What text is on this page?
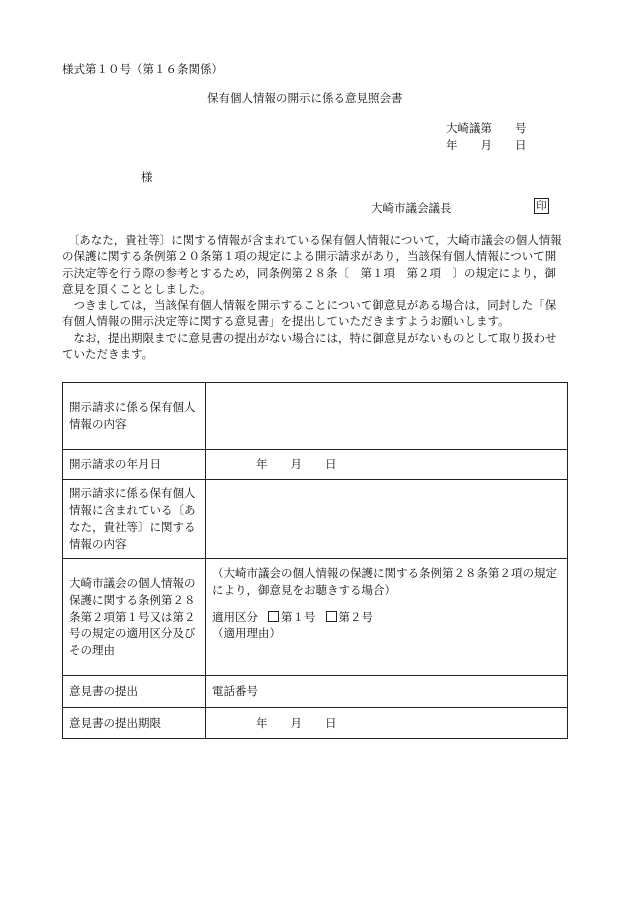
様式第１０号（第１６条関係）
保有個人情報の開示に係る意見照会書
大崎議第　　号
年　　月　　日
様
大崎市議会議長	印

　〔あなた，貴社等〕に関する情報が含まれている保有個人情報について，大崎市議会の個人情報の保護に関する条例第２０条第１項の規定による開示請求があり，当該保有個人情報について開示決定等を行う際の参考とするため，同条例第２８条〔　第１項　第２項　〕の規定により，御意見を頂くこととしました。

　つきましては，当該保有個人情報を開示することについて御意見がある場合は，同封した「保有個人情報の開示決定等に関する意見書」を提出していただきますようお願いします。

　なお，提出期限までに意見書の提出がない場合には，特に御意見がないものとして取り扱わせていただきます。

開示請求に係る保有個人情報の内容	
開示請求の年月日	年　　月　　日
開示請求に係る保有個人情報に含まれている〔あなた，貴社等〕に関する情報の内容	
大崎市議会の個人情報の保護に関する条例第２８条第２項第１号又は第２号の規定の適用区分及びその理由	（大崎市議会の個人情報の保護に関する条例第２８条第２項の規定により，御意見をお聴きする場合）
適用区分 第１号 第２号
（適用理由）

意見書の提出	電話番号
意見書の提出期限	年　　月　　日
